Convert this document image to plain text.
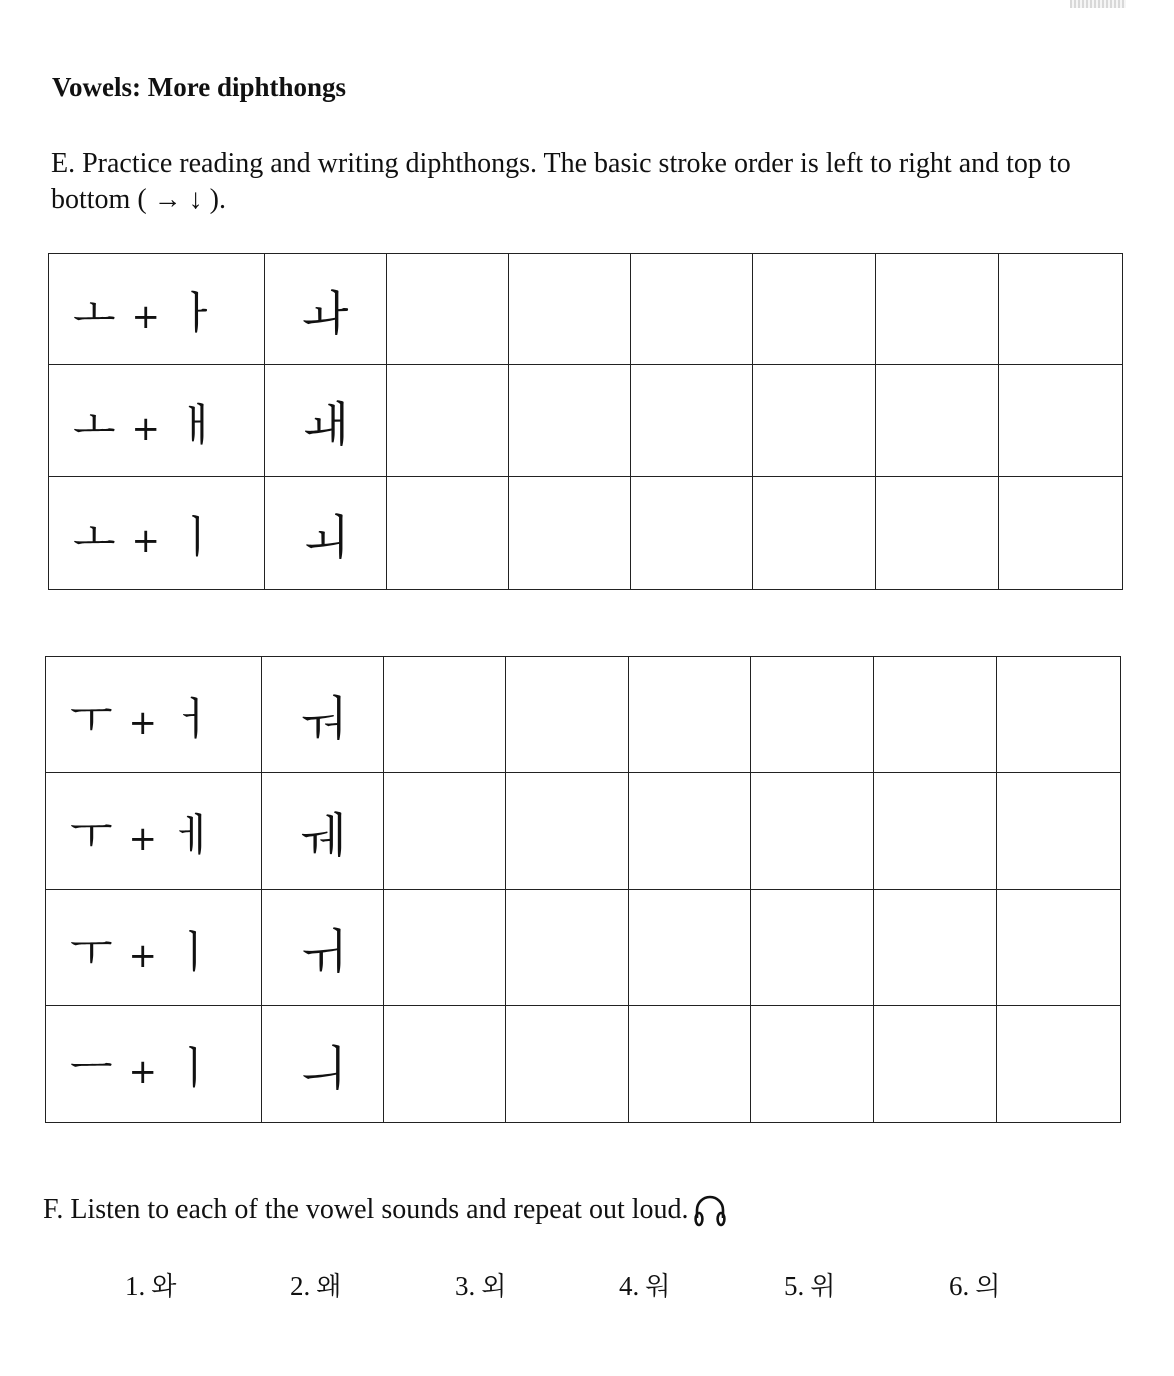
Vowels: More diphthongs
E. Practice reading and writing diphthongs. The basic stroke order is left to right and top to bottom ( → ↓ ).
ㅗ + ㅏ	ㅘ						
ㅗ + ㅐ	ㅙ						
ㅗ + ㅣ	ㅚ						
ㅜ + ㅓ	ㅝ						
ㅜ + ㅔ	ㅞ						
ㅜ + ㅣ	ㅟ						
ㅡ + ㅣ	ㅢ						
F. Listen to each of the vowel sounds and repeat out loud.
1. 와	2. 왜	3. 외	4. 워	5. 위	6. 의
